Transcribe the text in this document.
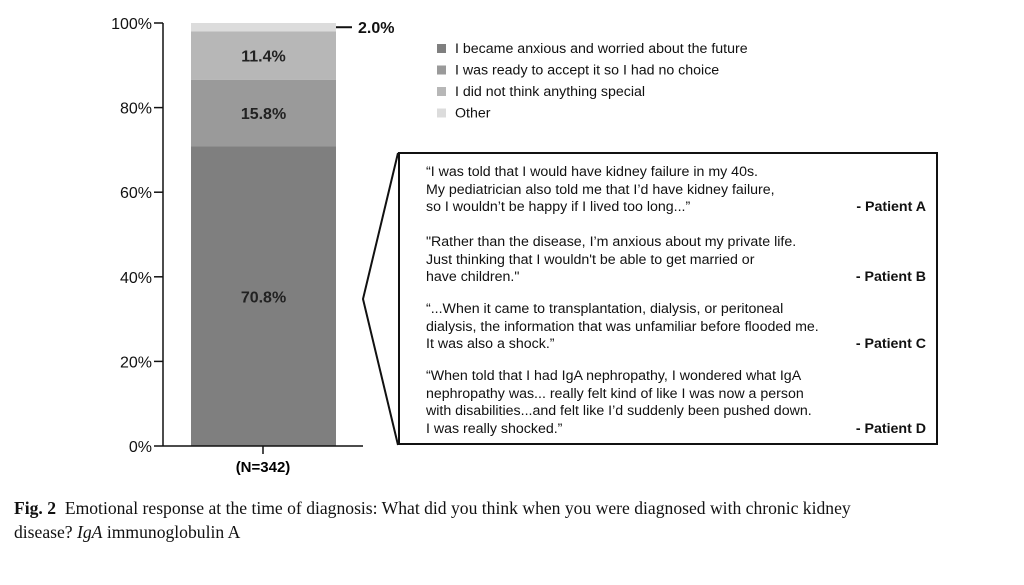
0%
20%
40%
60%
80%
100%
70.8%
15.8%
11.4%
2.0%
I became anxious and worried about the future
I was ready to accept it so I had no choice
I did not think anything special
Other
(N=342)
“I was told that I would have kidney failure in my 40s.
My pediatrician also told me that I’d have kidney failure,
so I wouldn’t be happy if I lived too long...”	- Patient A
"Rather than the disease, I’m anxious about my private life.
Just thinking that I wouldn't be able to get married or
have children."	- Patient B
“...When it came to transplantation, dialysis, or peritoneal
dialysis, the information that was unfamiliar before flooded me.
It was also a shock.”	- Patient C
“When told that I had IgA nephropathy, I wondered what IgA
nephropathy was... really felt kind of like I was now a person
with disabilities...and felt like I’d suddenly been pushed down.
I was really shocked.”	- Patient D
Fig. 2 Emotional response at the time of diagnosis: What did you think when you were diagnosed with chronic kidney
disease? IgA immunoglobulin A
